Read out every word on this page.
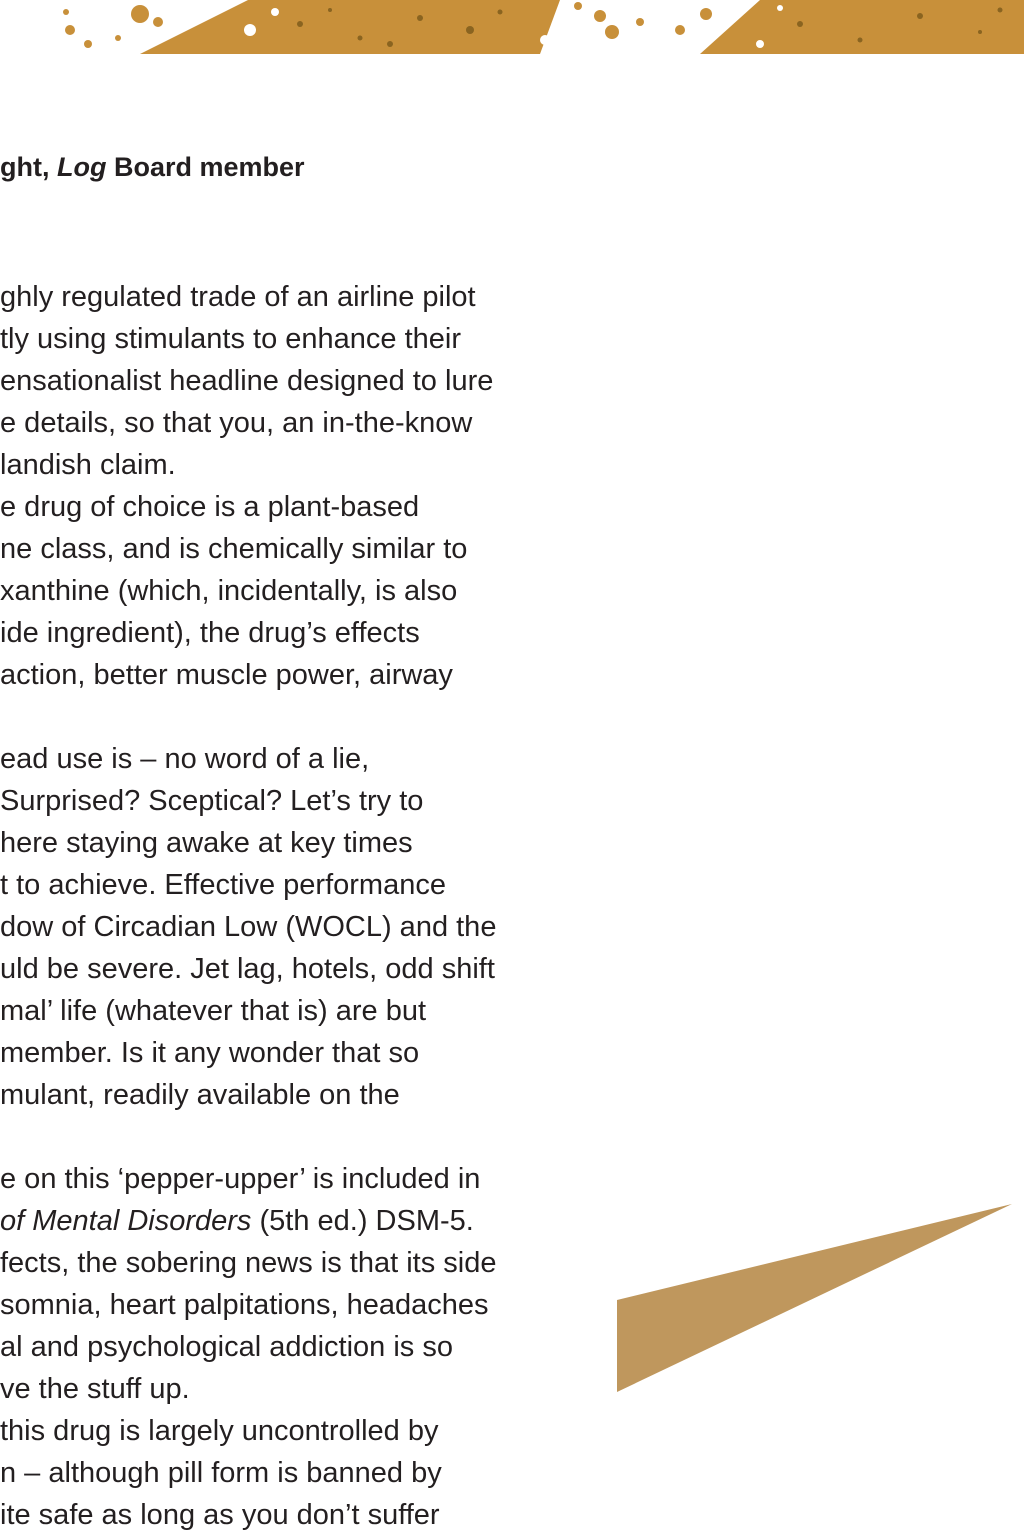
ght, Log Board member

ghly regulated trade of an airline pilot
tly using stimulants to enhance their
ensationalist headline designed to lure
e details, so that you, an in-the-know
landish claim.
e drug of choice is a plant-based
ne class, and is chemically similar to
xanthine (which, incidentally, is also
ide ingredient), the drug’s effects
action, better muscle power, airway
ead use is – no word of a lie,
Surprised? Sceptical? Let’s try to
here staying awake at key times
t to achieve. Effective performance
dow of Circadian Low (WOCL) and the
uld be severe. Jet lag, hotels, odd shift
mal’ life (whatever that is) are but
member. Is it any wonder that so
mulant, readily available on the
e on this ‘pepper-upper’ is included in
of Mental Disorders (5th ed.) DSM-5.
fects, the sobering news is that its side
somnia, heart palpitations, headaches
al and psychological addiction is so
ve the stuff up.
this drug is largely uncontrolled by
n – although pill form is banned by
ite safe as long as you don’t suffer
